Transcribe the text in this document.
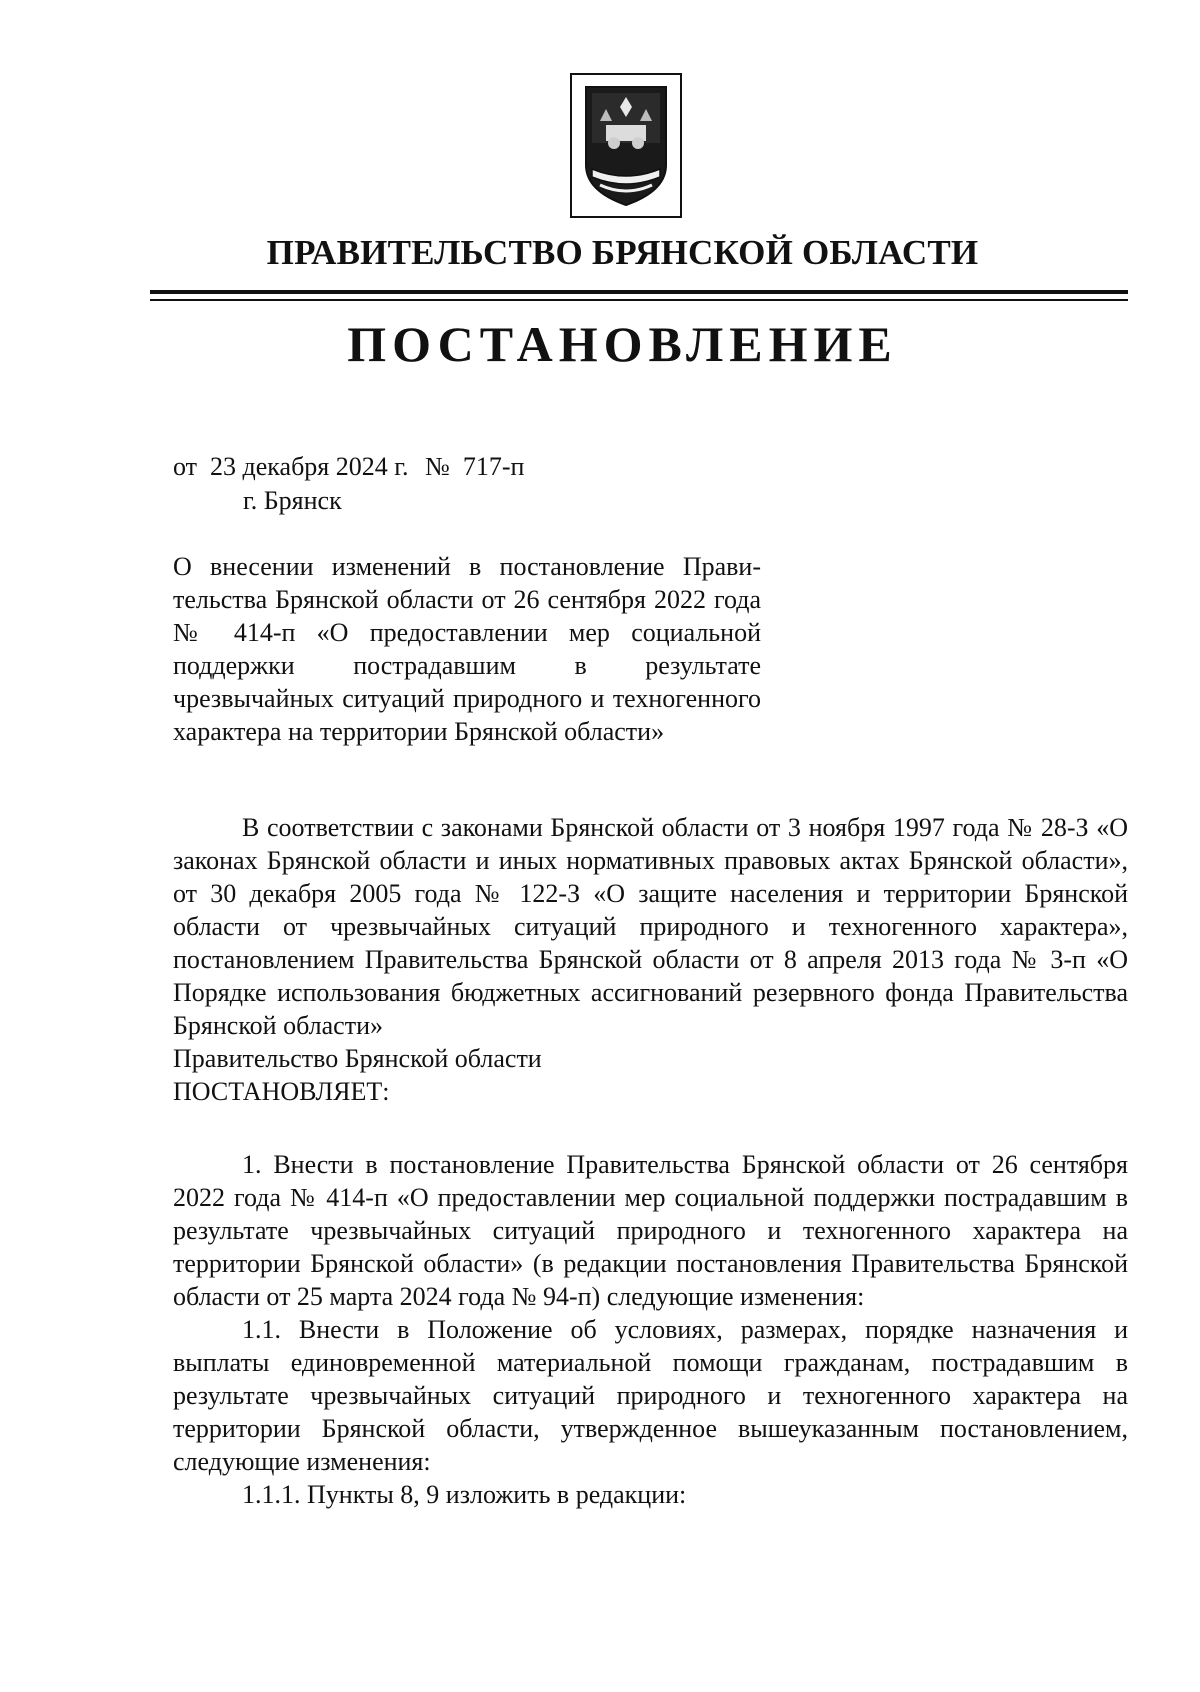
ПРАВИТЕЛЬСТВО БРЯНСКОЙ ОБЛАСТИ
ПОСТАНОВЛЕНИЕ
от 23 декабря 2024 г. № 717-п
г. Брянск
О внесении изменений в постановление Правительства Брянской области от 26 сентября 2022 года № 414-п «О предоставлении мер социальной поддержки пострадавшим в результате чрезвычайных ситуаций природного и техногенного характера на территории Брянской области»

В соответствии с законами Брянской области от 3 ноября 1997 года № 28-З «О законах Брянской области и иных нормативных правовых актах Брянской области», от 30 декабря 2005 года № 122-З «О защите населения и территории Брянской области от чрезвычайных ситуаций природного и техногенного характера», постановлением Правительства Брянской области от 8 апреля 2013 года № 3-п «О Порядке использования бюджетных ассигнований резервного фонда Правительства Брянской области»

Правительство Брянской области

ПОСТАНОВЛЯЕТ:

1. Внести в постановление Правительства Брянской области от 26 сентября 2022 года № 414-п «О предоставлении мер социальной поддержки пострадавшим в результате чрезвычайных ситуаций природного и техногенного характера на территории Брянской области» (в редакции постановления Правительства Брянской области от 25 марта 2024 года № 94-п) следующие изменения:

1.1. Внести в Положение об условиях, размерах, порядке назначения и выплаты единовременной материальной помощи гражданам, пострадавшим в результате чрезвычайных ситуаций природного и техногенного характера на территории Брянской области, утвержденное вышеуказанным постановлением, следующие изменения:

1.1.1. Пункты 8, 9 изложить в редакции:
